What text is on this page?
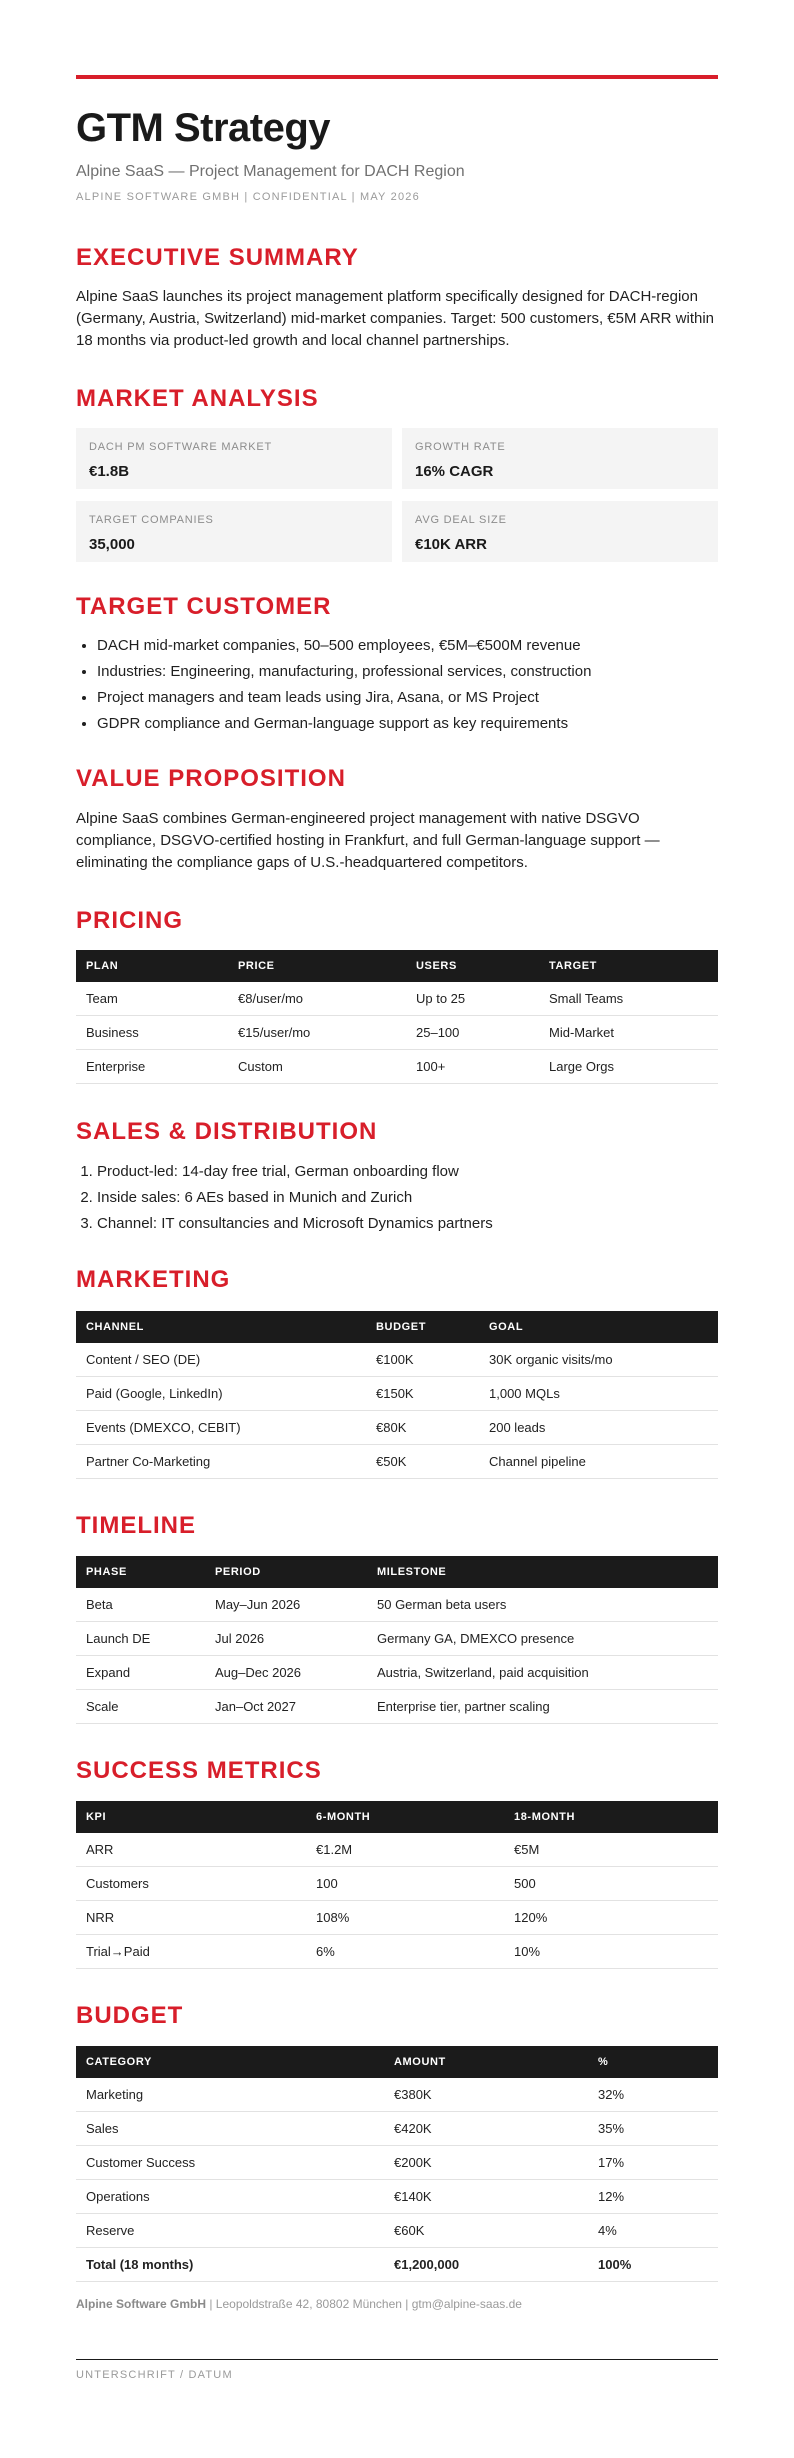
GTM Strategy
Alpine SaaS — Project Management for DACH Region
ALPINE SOFTWARE GMBH | CONFIDENTIAL | MAY 2026
EXECUTIVE SUMMARY

Alpine SaaS launches its project management platform specifically designed for DACH-region (Germany, Austria, Switzerland) mid-market companies. Target: 500 customers, €5M ARR within 18 months via product-led growth and local channel partnerships.

MARKET ANALYSIS
DACH PM SOFTWARE MARKET
€1.8B
GROWTH RATE
16% CAGR
TARGET COMPANIES
35,000
AVG DEAL SIZE
€10K ARR
TARGET CUSTOMER
• DACH mid-market companies, 50–500 employees, €5M–€500M revenue
• Industries: Engineering, manufacturing, professional services, construction
• Project managers and team leads using Jira, Asana, or MS Project
• GDPR compliance and German-language support as key requirements
VALUE PROPOSITION

Alpine SaaS combines German-engineered project management with native DSGVO compliance, DSGVO-certified hosting in Frankfurt, and full German-language support — eliminating the compliance gaps of U.S.-headquartered competitors.

PRICING
PLAN	PRICE	USERS	TARGET
Team	€8/user/mo	Up to 25	Small Teams
Business	€15/user/mo	25–100	Mid-Market
Enterprise	Custom	100+	Large Orgs
SALES & DISTRIBUTION
1. Product-led: 14-day free trial, German onboarding flow
2. Inside sales: 6 AEs based in Munich and Zurich
3. Channel: IT consultancies and Microsoft Dynamics partners
MARKETING
CHANNEL	BUDGET	GOAL
Content / SEO (DE)	€100K	30K organic visits/mo
Paid (Google, LinkedIn)	€150K	1,000 MQLs
Events (DMEXCO, CEBIT)	€80K	200 leads
Partner Co-Marketing	€50K	Channel pipeline
TIMELINE
PHASE	PERIOD	MILESTONE
Beta	May–Jun 2026	50 German beta users
Launch DE	Jul 2026	Germany GA, DMEXCO presence
Expand	Aug–Dec 2026	Austria, Switzerland, paid acquisition
Scale	Jan–Oct 2027	Enterprise tier, partner scaling
SUCCESS METRICS
KPI	6-MONTH	18-MONTH
ARR	€1.2M	€5M
Customers	100	500
NRR	108%	120%
Trial→Paid	6%	10%
BUDGET
CATEGORY	AMOUNT	%
Marketing	€380K	32%
Sales	€420K	35%
Customer Success	€200K	17%
Operations	€140K	12%
Reserve	€60K	4%
Total (18 months)	€1,200,000	100%
Alpine Software GmbH | Leopoldstraße 42, 80802 München | gtm@alpine-saas.de
UNTERSCHRIFT / DATUM
